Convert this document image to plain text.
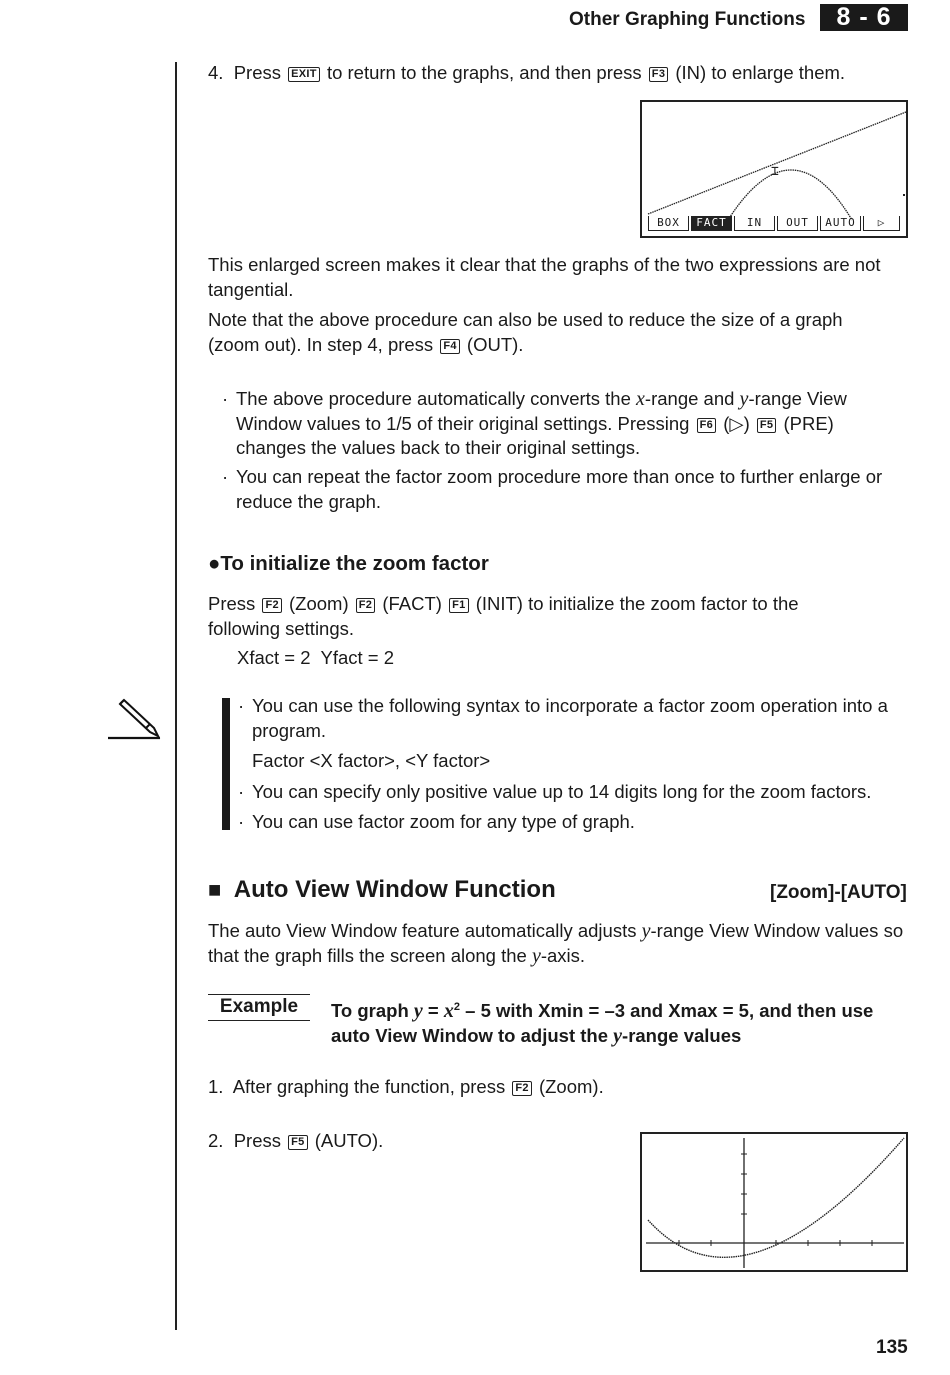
Other Graphing Functions	8 - 6

4. Press EXIT to return to the graphs, and then press F3 (IN) to enlarge them.

⌶
BOX	FACT	IN	OUT	AUTO	▷

This enlarged screen makes it clear that the graphs of the two expressions are not tangential.

Note that the above procedure can also be used to reduce the size of a graph (zoom out). In step 4, press F4 (OUT).

· The above procedure automatically converts the x-range and y-range View Window values to 1/5 of their original settings. Pressing F6 (▷) F5 (PRE) changes the values back to their original settings.

· You can repeat the factor zoom procedure more than once to further enlarge or reduce the graph.

●To initialize the zoom factor

Press F2 (Zoom) F2 (FACT) F1 (INIT) to initialize the zoom factor to the following settings.

Xfact = 2  Yfact = 2

· You can use the following syntax to incorporate a factor zoom operation into a program.

Factor <X factor>, <Y factor>

· You can specify only positive value up to 14 digits long for the zoom factors.

· You can use factor zoom for any type of graph.

■ Auto View Window Function	[Zoom]-[AUTO]

The auto View Window feature automatically adjusts y-range View Window values so that the graph fills the screen along the y-axis.

Example	To graph $y = x^2 - 5$ with Xmin = –3 and Xmax = 5, and then use auto View Window to adjust the y-range values

1. After graphing the function, press F2 (Zoom).

2. Press F5 (AUTO).

135
